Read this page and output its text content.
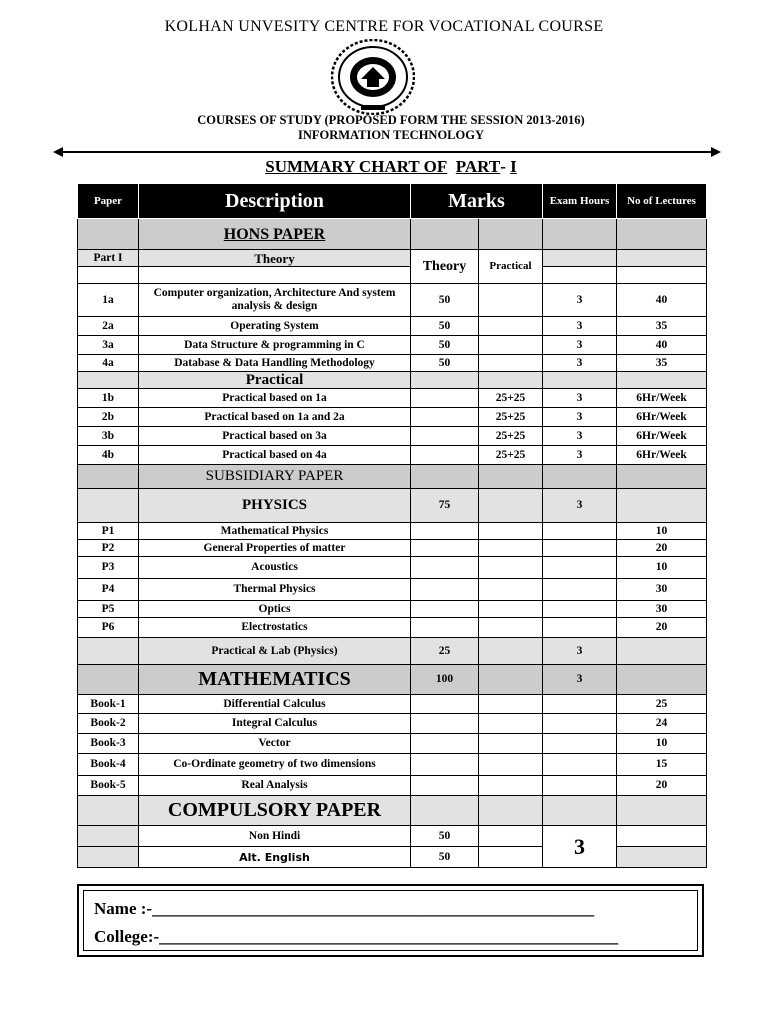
KOLHAN UNVESITY CENTRE FOR VOCATIONAL COURSE
COURSES OF STUDY (PROPOSED FORM THE SESSION 2013-2016)
INFORMATION TECHNOLOGY
SUMMARY CHART OF PART- I
Paper	Description	Marks		Exam Hours	No of Lectures
	HONS PAPER				
Part I	Theory	Theory	Practical		

1a	Computer organization, Architecture And system analysis & design	50		3	40
2a	Operating System	50		3	35
3a	Data Structure & programming in C	50		3	40
4a	Database & Data Handling Methodology	50		3	35
	Practical				
1b	Practical based on 1a		25+25	3	6Hr/Week
2b	Practical based on 1a and 2a		25+25	3	6Hr/Week
3b	Practical based on 3a		25+25	3	6Hr/Week
4b	Practical based on 4a		25+25	3	6Hr/Week
	SUBSIDIARY PAPER				
	PHYSICS	75		3	
P1	Mathematical Physics				10
P2	General Properties of matter				20
P3	Acoustics				10
P4	Thermal Physics				30
P5	Optics				30
P6	Electrostatics				20
	Practical & Lab (Physics)	25		3	
	MATHEMATICS	100		3	
Book-1	Differential Calculus				25
Book-2	Integral Calculus				24
Book-3	Vector				10
Book-4	Co-Ordinate geometry of two dimensions				15
Book-5	Real Analysis				20
	COMPULSORY PAPER				
	Non Hindi	50		3	
	Alt. English	50			
Name :-____________________________________________________
College:-______________________________________________________
